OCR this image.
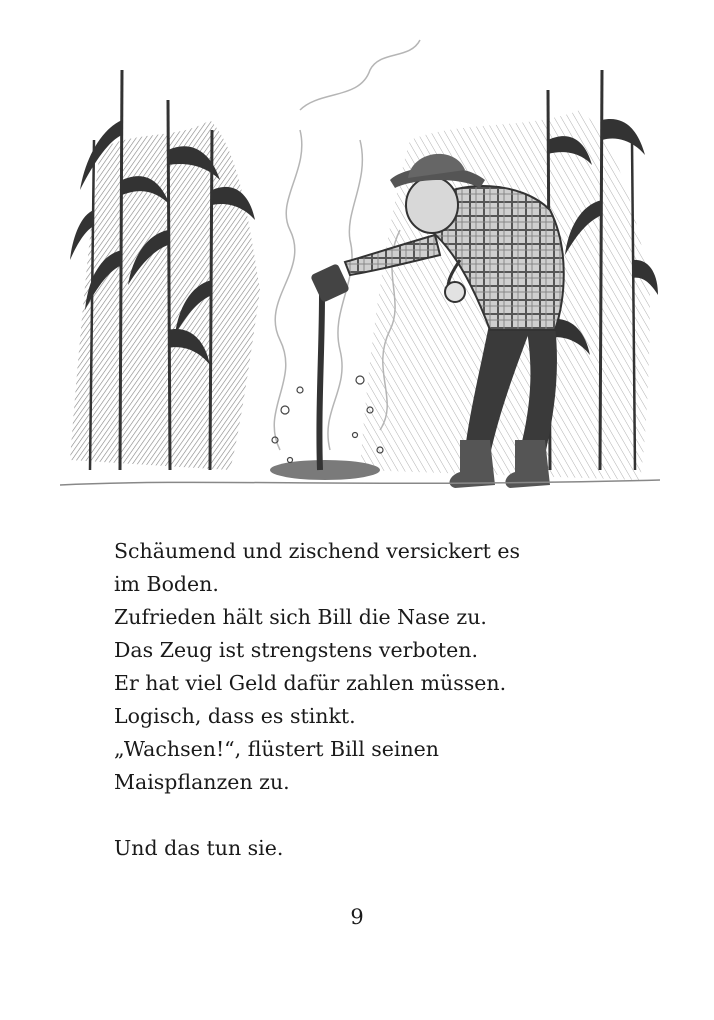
Schäumend und zischend versickert es
im Boden.
Zufrieden hält sich Bill die Nase zu.
Das Zeug ist strengstens verboten.
Er hat viel Geld dafür zahlen müssen.
Logisch, dass es stinkt.
„Wachsen!“, flüstert Bill seinen
Maispflanzen zu.
Und das tun sie.
9
